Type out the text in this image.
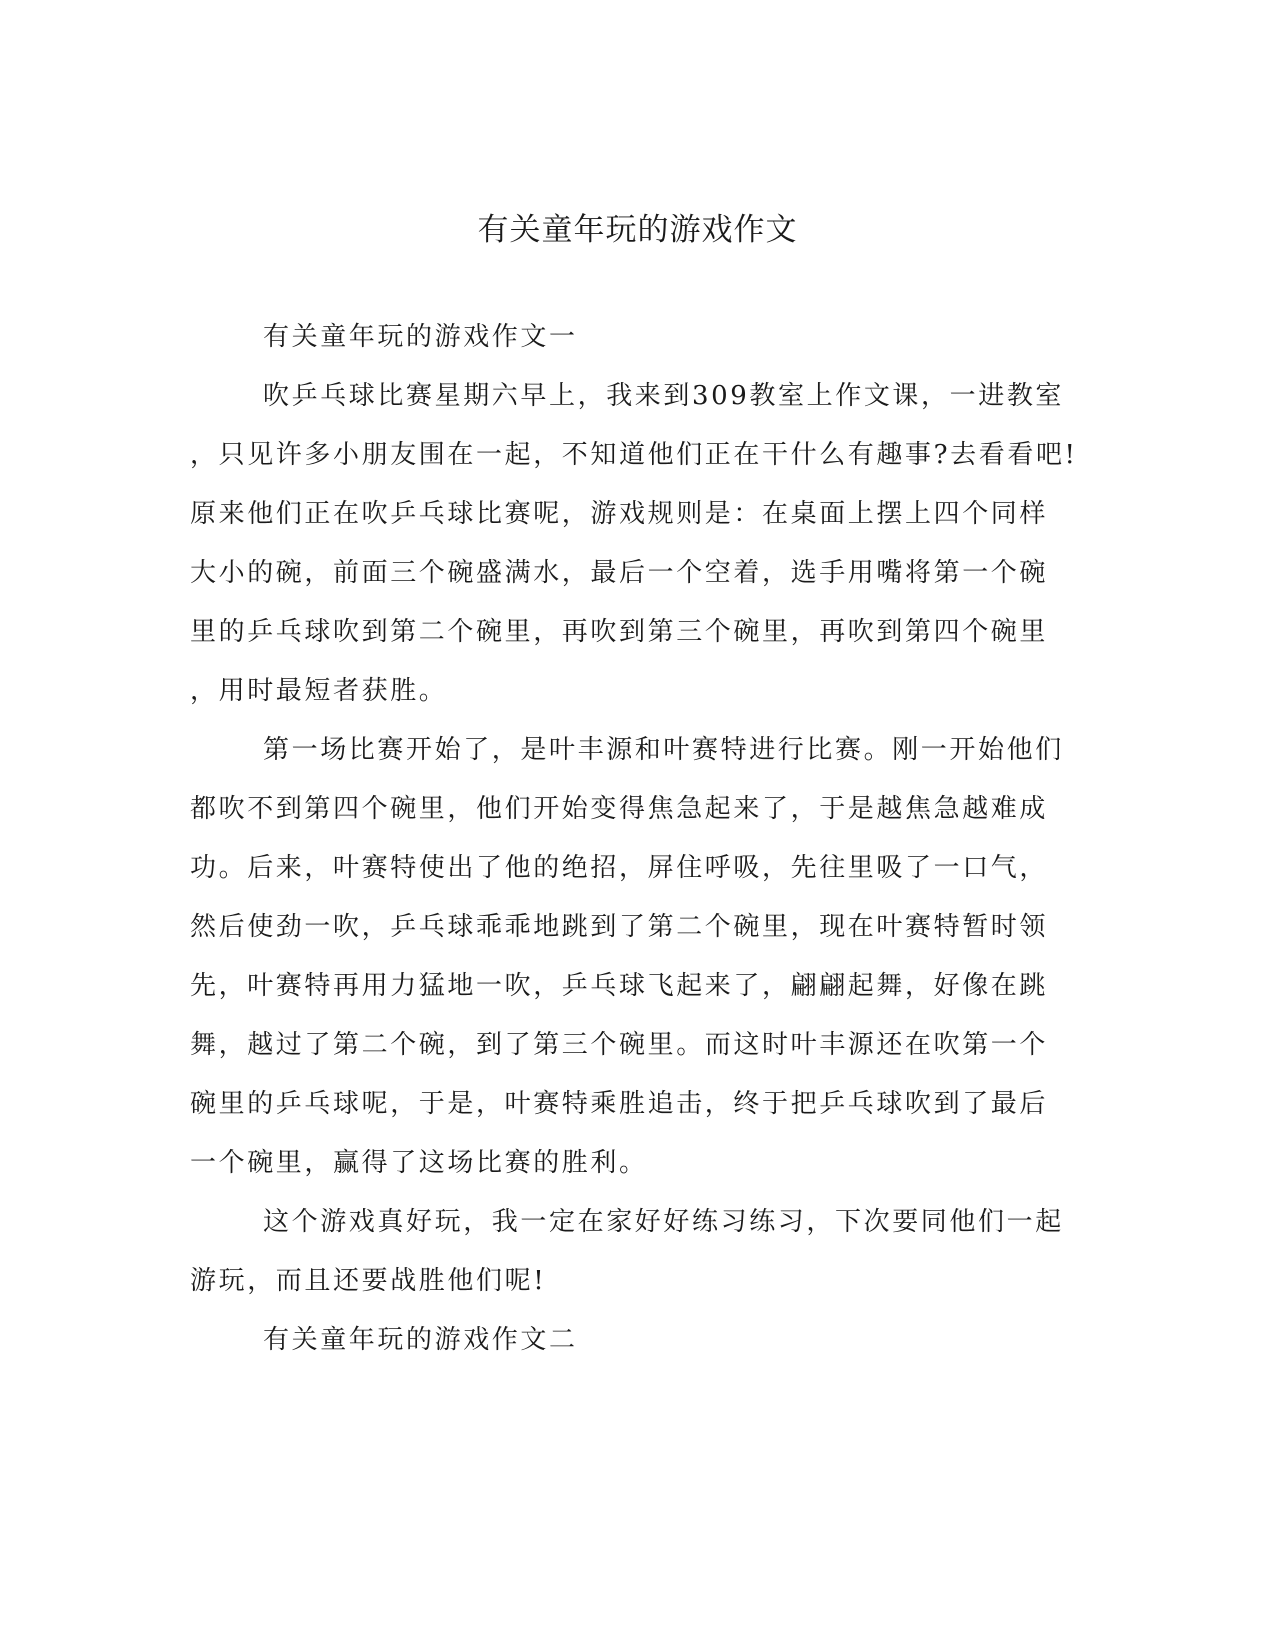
有关童年玩的游戏作文
有关童年玩的游戏作文一
吹乒乓球比赛星期六早上，我来到309教室上作文课，一进教室
，只见许多小朋友围在一起，不知道他们正在干什么有趣事?去看看吧!
原来他们正在吹乒乓球比赛呢，游戏规则是：在桌面上摆上四个同样
大小的碗，前面三个碗盛满水，最后一个空着，选手用嘴将第一个碗
里的乒乓球吹到第二个碗里，再吹到第三个碗里，再吹到第四个碗里
，用时最短者获胜。
第一场比赛开始了，是叶丰源和叶赛特进行比赛。刚一开始他们
都吹不到第四个碗里，他们开始变得焦急起来了，于是越焦急越难成
功。后来，叶赛特使出了他的绝招，屏住呼吸，先往里吸了一口气，
然后使劲一吹，乒乓球乖乖地跳到了第二个碗里，现在叶赛特暂时领
先，叶赛特再用力猛地一吹，乒乓球飞起来了，翩翩起舞，好像在跳
舞，越过了第二个碗，到了第三个碗里。而这时叶丰源还在吹第一个
碗里的乒乓球呢，于是，叶赛特乘胜追击，终于把乒乓球吹到了最后
一个碗里，赢得了这场比赛的胜利。
这个游戏真好玩，我一定在家好好练习练习，下次要同他们一起
游玩，而且还要战胜他们呢!
有关童年玩的游戏作文二
